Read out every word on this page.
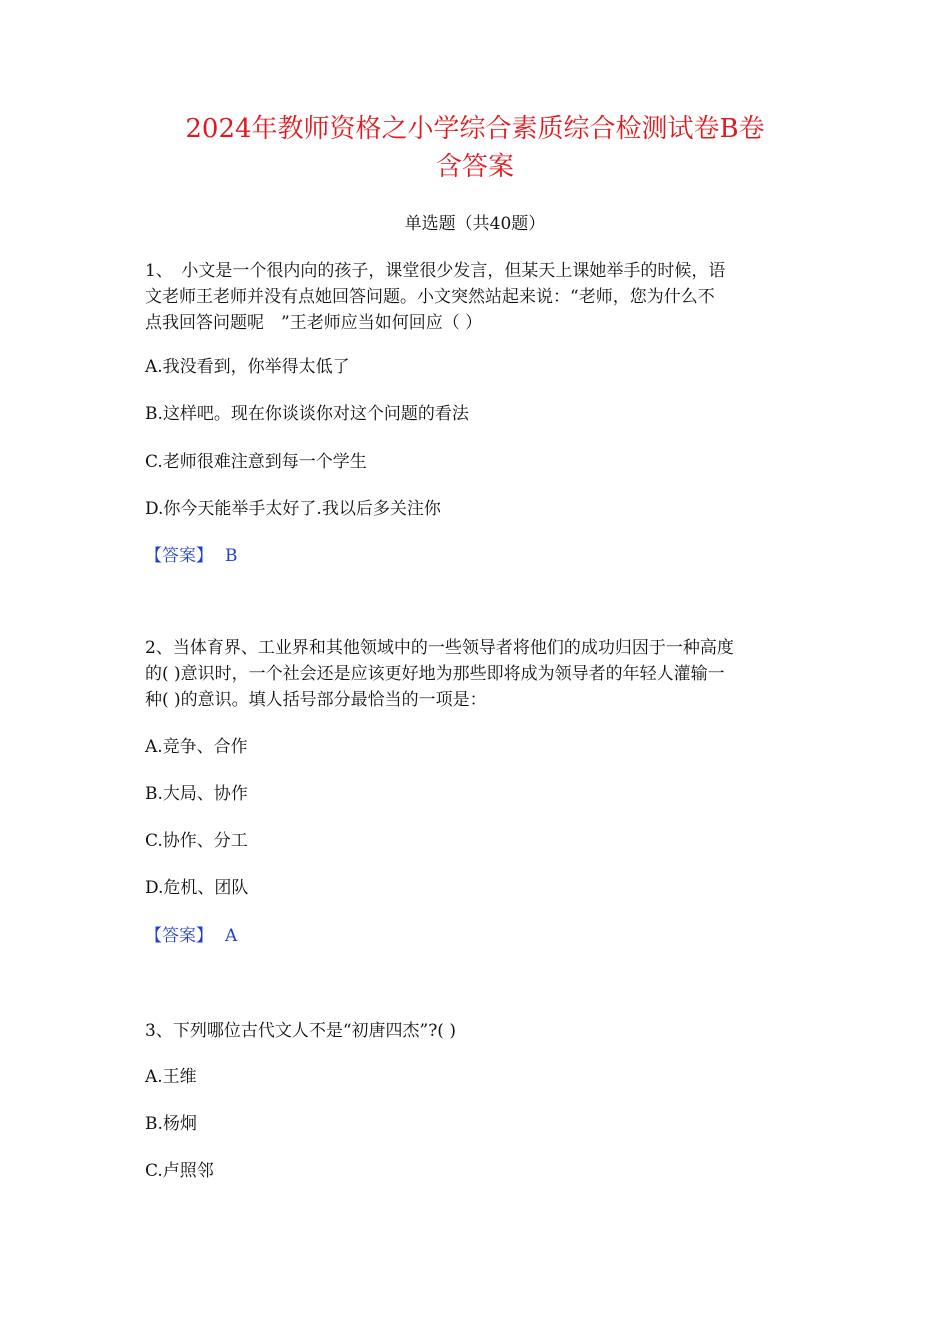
2024年教师资格之小学综合素质综合检测试卷B卷
含答案
单选题（共40题）
1、　小文是一个很内向的孩子，课堂很少发言，但某天上课她举手的时候，语
文老师王老师并没有点她回答问题。小文突然站起来说：“老师，您为什么不
点我回答问题呢　”王老师应当如何回应（ ）
A.我没看到，你举得太低了
B.这样吧。现在你谈谈你对这个问题的看法
C.老师很难注意到每一个学生
D.你今天能举手太好了.我以后多关注你
【答案】 B
2、当体育界、工业界和其他领域中的一些领导者将他们的成功归因于一种高度
的( )意识时，一个社会还是应该更好地为那些即将成为领导者的年轻人灌输一
种( )的意识。填人括号部分最恰当的一项是：
A.竞争、合作
B.大局、协作
C.协作、分工
D.危机、团队
【答案】 A
3、下列哪位古代文人不是“初唐四杰”?( )
A.王维
B.杨炯
C.卢照邻
